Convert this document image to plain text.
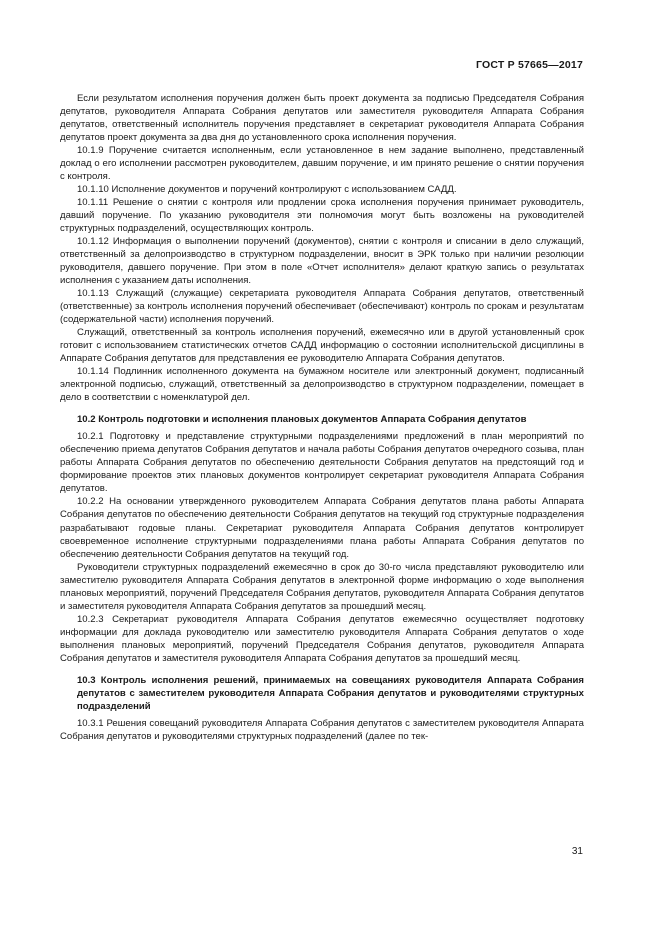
ГОСТ Р 57665—2017

Если результатом исполнения поручения должен быть проект документа за подписью Председателя Собрания депутатов, руководителя Аппарата Собрания депутатов или заместителя руководителя Аппарата Собрания депутатов, ответственный исполнитель поручения представляет в секретариат руководителя Аппарата Собрания депутатов проект документа за два дня до установленного срока исполнения поручения.

10.1.9 Поручение считается исполненным, если установленное в нем задание выполнено, представленный доклад о его исполнении рассмотрен руководителем, давшим поручение, и им принято решение о снятии поручения с контроля.

10.1.10 Исполнение документов и поручений контролируют с использованием САДД.

10.1.11 Решение о снятии с контроля или продлении срока исполнения поручения принимает руководитель, давший поручение. По указанию руководителя эти полномочия могут быть возложены на руководителей структурных подразделений, осуществляющих контроль.

10.1.12 Информация о выполнении поручений (документов), снятии с контроля и списании в дело служащий, ответственный за делопроизводство в структурном подразделении, вносит в ЭРК только при наличии резолюции руководителя, давшего поручение. При этом в поле «Отчет исполнителя» делают краткую запись о результатах исполнения с указанием даты исполнения.

10.1.13 Служащий (служащие) секретариата руководителя Аппарата Собрания депутатов, ответственный (ответственные) за контроль исполнения поручений обеспечивает (обеспечивают) контроль по срокам и результатам (содержательной части) исполнения поручений.

Служащий, ответственный за контроль исполнения поручений, ежемесячно или в другой установленный срок готовит с использованием статистических отчетов САДД информацию о состоянии исполнительской дисциплины в Аппарате Собрания депутатов для представления ее руководителю Аппарата Собрания депутатов.

10.1.14 Подлинник исполненного документа на бумажном носителе или электронный документ, подписанный электронной подписью, служащий, ответственный за делопроизводство в структурном подразделении, помещает в дело в соответствии с номенклатурой дел.

10.2 Контроль подготовки и исполнения плановых документов Аппарата Собрания депутатов

10.2.1 Подготовку и представление структурными подразделениями предложений в план мероприятий по обеспечению приема депутатов Собрания депутатов и начала работы Собрания депутатов очередного созыва, план работы Аппарата Собрания депутатов по обеспечению деятельности Собрания депутатов на предстоящий год и формирование проектов этих плановых документов контролирует секретариат руководителя Аппарата Собрания депутатов.

10.2.2 На основании утвержденного руководителем Аппарата Собрания депутатов плана работы Аппарата Собрания депутатов по обеспечению деятельности Собрания депутатов на текущий год структурные подразделения разрабатывают годовые планы. Секретариат руководителя Аппарата Собрания депутатов контролирует своевременное исполнение структурными подразделениями плана работы Аппарата Собрания депутатов по обеспечению деятельности Собрания депутатов на текущий год.

Руководители структурных подразделений ежемесячно в срок до 30-го числа представляют руководителю или заместителю руководителя Аппарата Собрания депутатов в электронной форме информацию о ходе выполнения плановых мероприятий, поручений Председателя Собрания депутатов, руководителя Аппарата Собрания депутатов и заместителя руководителя Аппарата Собрания депутатов за прошедший месяц.

10.2.3 Секретариат руководителя Аппарата Собрания депутатов ежемесячно осуществляет подготовку информации для доклада руководителю или заместителю руководителя Аппарата Собрания депутатов о ходе выполнения плановых мероприятий, поручений Председателя Собрания депутатов, руководителя Аппарата Собрания депутатов и заместителя руководителя Аппарата Собрания депутатов за прошедший месяц.

10.3 Контроль исполнения решений, принимаемых на совещаниях руководителя Аппарата Собрания депутатов с заместителем руководителя Аппарата Собрания депутатов и руководителями структурных подразделений

10.3.1 Решения совещаний руководителя Аппарата Собрания депутатов с заместителем руководителя Аппарата Собрания депутатов и руководителями структурных подразделений (далее по тек-

31
